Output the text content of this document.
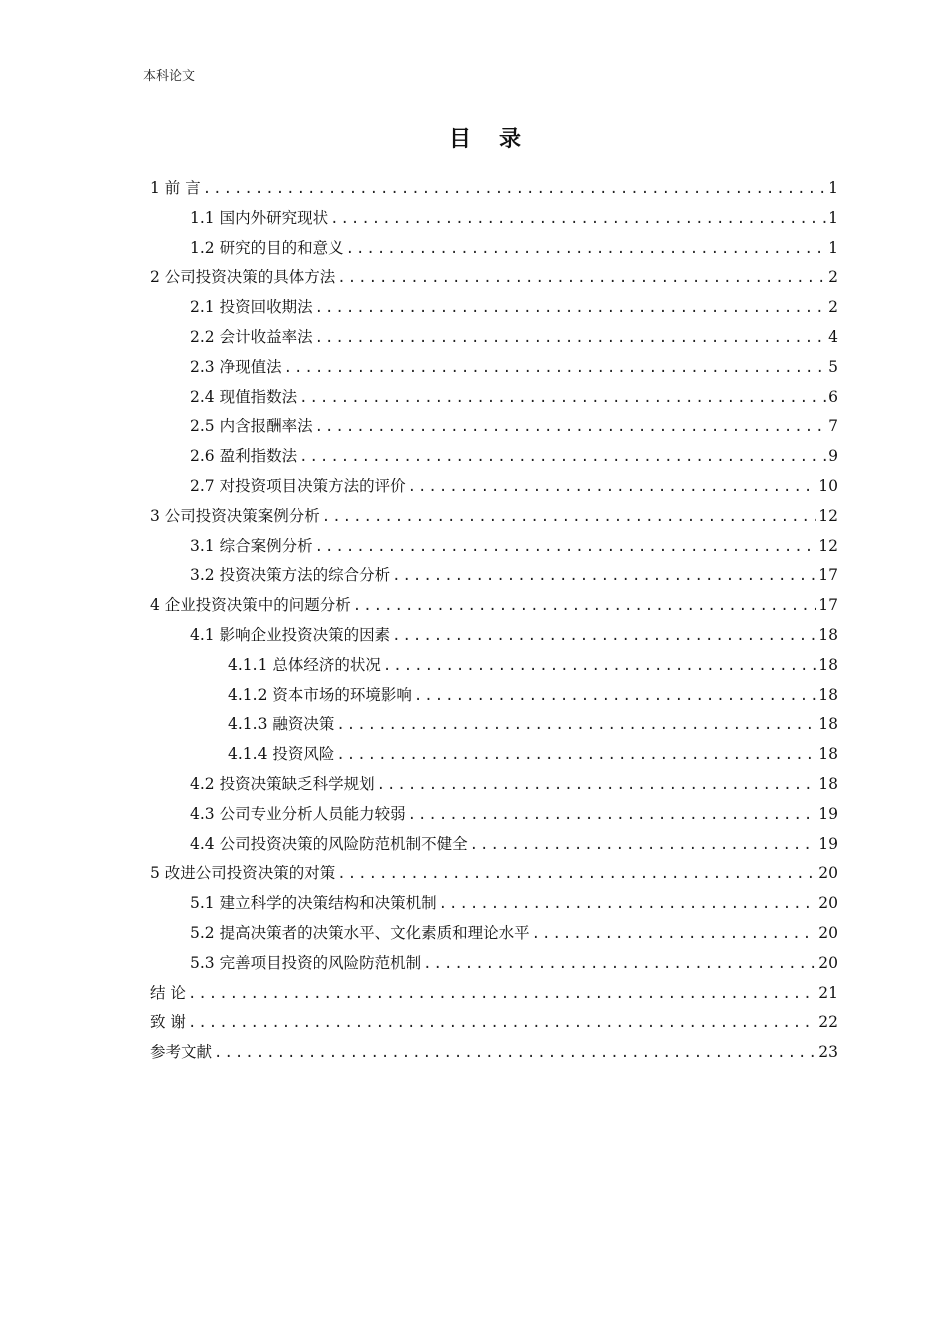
本科论文
目录
1 前 言 .....	1
1.1 国内外研究现状 .....	1
1.2 研究的目的和意义 .....	1
2 公司投资决策的具体方法 .....	2
2.1 投资回收期法 .....	2
2.2 会计收益率法 .....	4
2.3 净现值法 .....	5
2.4 现值指数法 .....	6
2.5 内含报酬率法 .....	7
2.6 盈利指数法 .....	9
2.7 对投资项目决策方法的评价 .....	10
3 公司投资决策案例分析 .....	12
3.1 综合案例分析 .....	12
3.2 投资决策方法的综合分析 .....	17
4 企业投资决策中的问题分析 .....	17
4.1 影响企业投资决策的因素 .....	18
4.1.1 总体经济的状况 .....	18
4.1.2 资本市场的环境影响 .....	18
4.1.3 融资决策 .....	18
4.1.4 投资风险 .....	18
4.2 投资决策缺乏科学规划 .....	18
4.3 公司专业分析人员能力较弱 .....	19
4.4 公司投资决策的风险防范机制不健全 .....	19
5 改进公司投资决策的对策 .....	20
5.1 建立科学的决策结构和决策机制 .....	20
5.2 提高决策者的决策水平、文化素质和理论水平 .....	20
5.3 完善项目投资的风险防范机制 .....	20
结 论 .....	21
致 谢 .....	22
参考文献 .....	23
